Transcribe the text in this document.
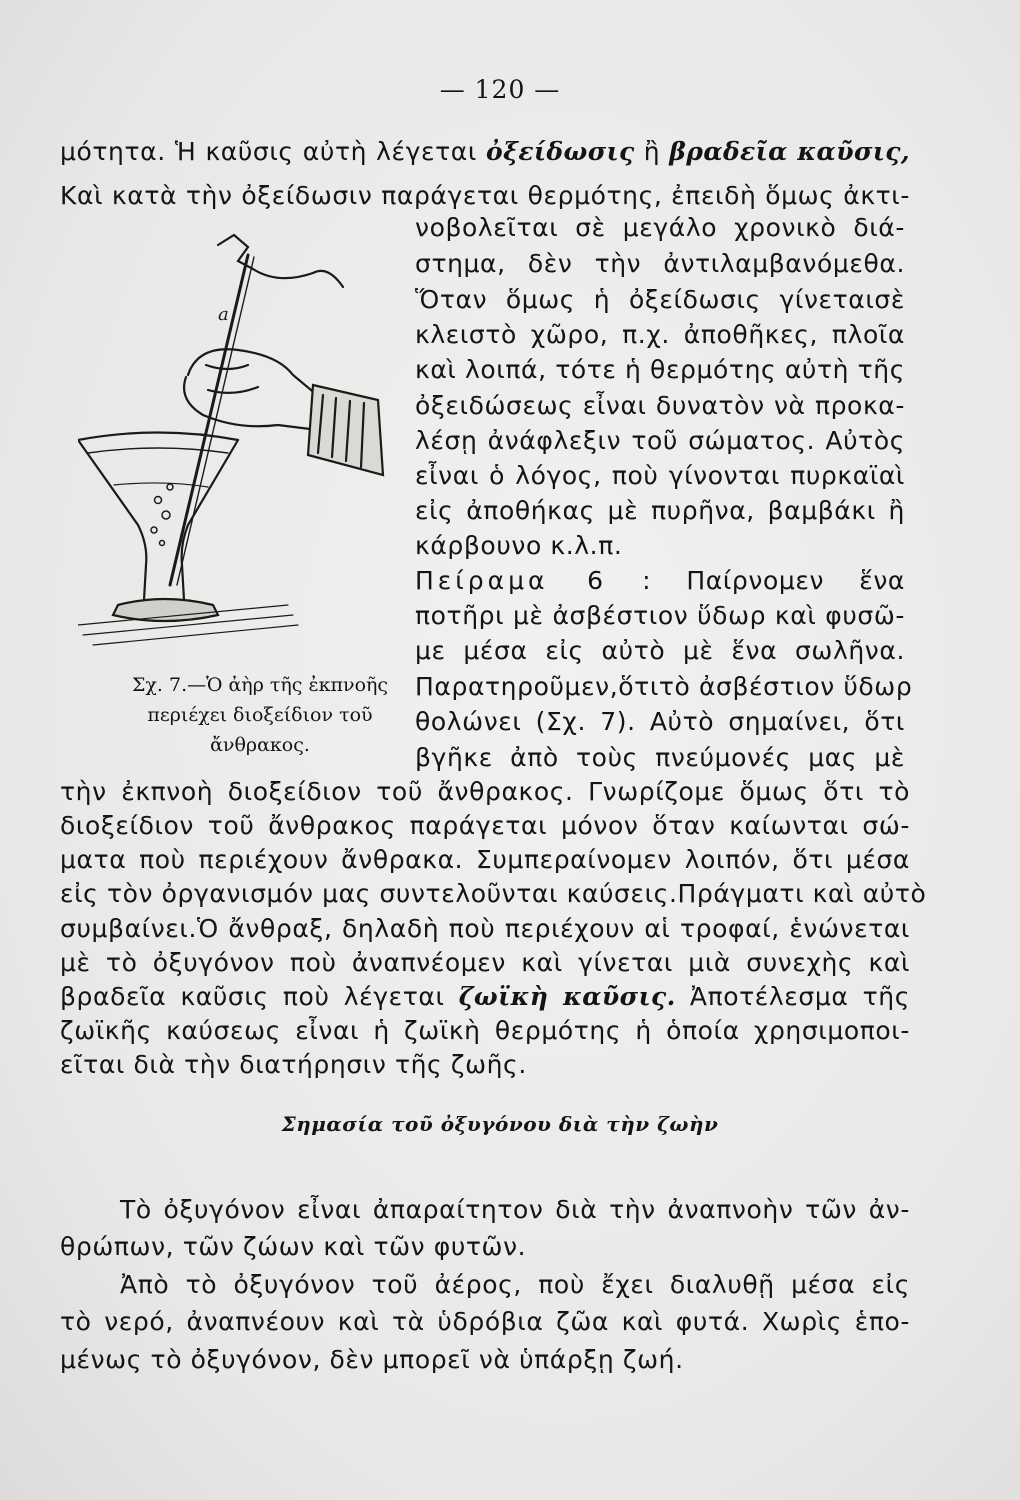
— 120 —
μότητα. Ἡ καῦσις αὐτὴ λέγεται ὀξείδωσις ἢ βραδεῖα καῦσις,
Καὶ κατὰ τὴν ὀξείδωσιν παράγεται θερμότης, ἐπειδὴ ὅμως ἀκτι-
νοβολεῖται σὲ μεγάλο χρονικὸ διά-
στημα, δὲν τὴν ἀντιλαμβανόμεθα.
Ὅταν ὅμως ἡ ὀξείδωσις γίνεταισὲ
κλειστὸ χῶρο, π.χ. ἀποθῆκες, πλοῖα
καὶ λοιπά, τότε ἡ θερμότης αὐτὴ τῆς
ὀξειδώσεως εἶναι δυνατὸν νὰ προκα-
λέσῃ ἀνάφλεξιν τοῦ σώματος. Αὐτὸς
εἶναι ὁ λόγος, ποὺ γίνονται πυρκαϊαὶ
εἰς ἀποθήκας μὲ πυρῆνα, βαμβάκι ἢ
κάρβουνο κ.λ.π.
Πείραμα 6 : Παίρνομεν ἕνα
ποτῆρι μὲ ἀσβέστιον ὕδωρ καὶ φυσῶ-
με μέσα εἰς αὐτὸ μὲ ἕνα σωλῆνα.
Παρατηροῦμεν,ὅτιτὸ ἀσβέστιον ὕδωρ
θολώνει (Σχ. 7). Αὐτὸ σημαίνει, ὅτι
βγῆκε ἀπὸ τοὺς πνεύμονές μας μὲ
a
Σχ. 7.—Ὁ ἀὴρ τῆς ἐκπνοῆς
περιέχει διοξείδιον τοῦ
ἄνθρακος.
τὴν ἐκπνοὴ διοξείδιον τοῦ ἄνθρακος. Γνωρίζομε ὅμως ὅτι τὸ
διοξείδιον τοῦ ἄνθρακος παράγεται μόνον ὅταν καίωνται σώ-
ματα ποὺ περιέχουν ἄνθρακα. Συμπεραίνομεν λοιπόν, ὅτι μέσα
εἰς τὸν ὀργανισμόν μας συντελοῦνται καύσεις.Πράγματι καὶ αὐτὸ
συμβαίνει.Ὁ ἄνθραξ, δηλαδὴ ποὺ περιέχουν αἱ τροφαί, ἑνώνεται
μὲ τὸ ὀξυγόνον ποὺ ἀναπνέομεν καὶ γίνεται μιὰ συνεχὴς καὶ
βραδεῖα καῦσις ποὺ λέγεται ζωϊκὴ καῦσις. Ἀποτέλεσμα τῆς
ζωϊκῆς καύσεως εἶναι ἡ ζωϊκὴ θερμότης ἡ ὁποία χρησιμοποι-
εῖται διὰ τὴν διατήρησιν τῆς ζωῆς.
Σημασία τοῦ ὀξυγόνου διὰ τὴν ζωὴν
Τὸ ὀξυγόνον εἶναι ἀπαραίτητον διὰ τὴν ἀναπνοὴν τῶν ἀν-
θρώπων, τῶν ζώων καὶ τῶν φυτῶν.
Ἀπὸ τὸ ὀξυγόνον τοῦ ἀέρος, ποὺ ἔχει διαλυθῇ μέσα εἰς
τὸ νερό, ἀναπνέουν καὶ τὰ ὑδρόβια ζῶα καὶ φυτά. Χωρὶς ἑπο-
μένως τὸ ὀξυγόνον, δὲν μπορεῖ νὰ ὑπάρξῃ ζωή.
